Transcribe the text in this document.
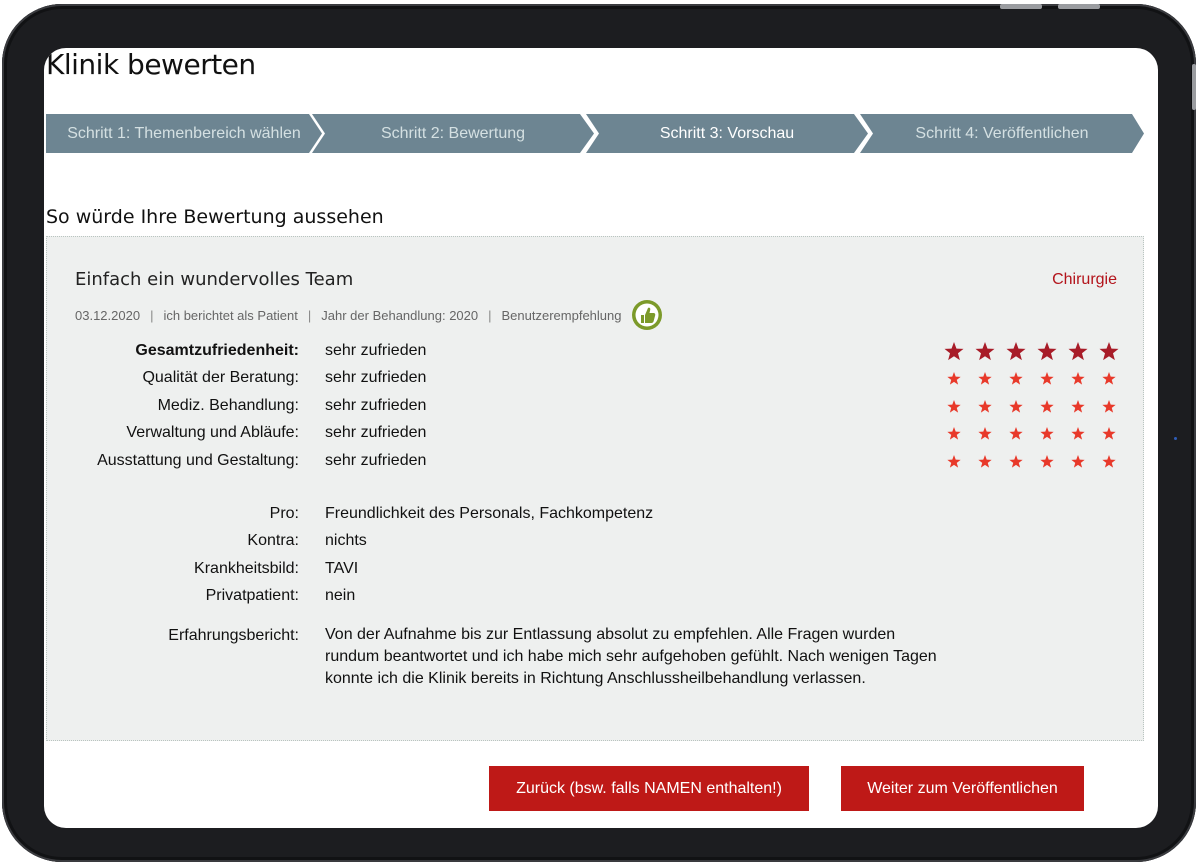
Klinik bewerten
Schritt 1: Themenbereich wählen	Schritt 2: Bewertung	Schritt 3: Vorschau	Schritt 4: Veröffentlichen
So würde Ihre Bewertung aussehen
Einfach ein wundervolles Team	Chirurgie
03.12.2020 | ich berichtet als Patient | Jahr der Behandlung: 2020 | Benutzerempfehlung
Gesamtzufriedenheit: sehr zufrieden
Qualität der Beratung: sehr zufrieden
Mediz. Behandlung: sehr zufrieden
Verwaltung und Abläufe: sehr zufrieden
Ausstattung und Gestaltung: sehr zufrieden
Pro: Freundlichkeit des Personals, Fachkompetenz
Kontra: nichts
Krankheitsbild: TAVI
Privatpatient: nein
Erfahrungsbericht: Von der Aufnahme bis zur Entlassung absolut zu empfehlen. Alle Fragen wurden rundum beantwortet und ich habe mich sehr aufgehoben gefühlt. Nach wenigen Tagen konnte ich die Klinik bereits in Richtung Anschlussheilbehandlung verlassen.
Zurück (bsw. falls NAMEN enthalten!)	Weiter zum Veröffentlichen
